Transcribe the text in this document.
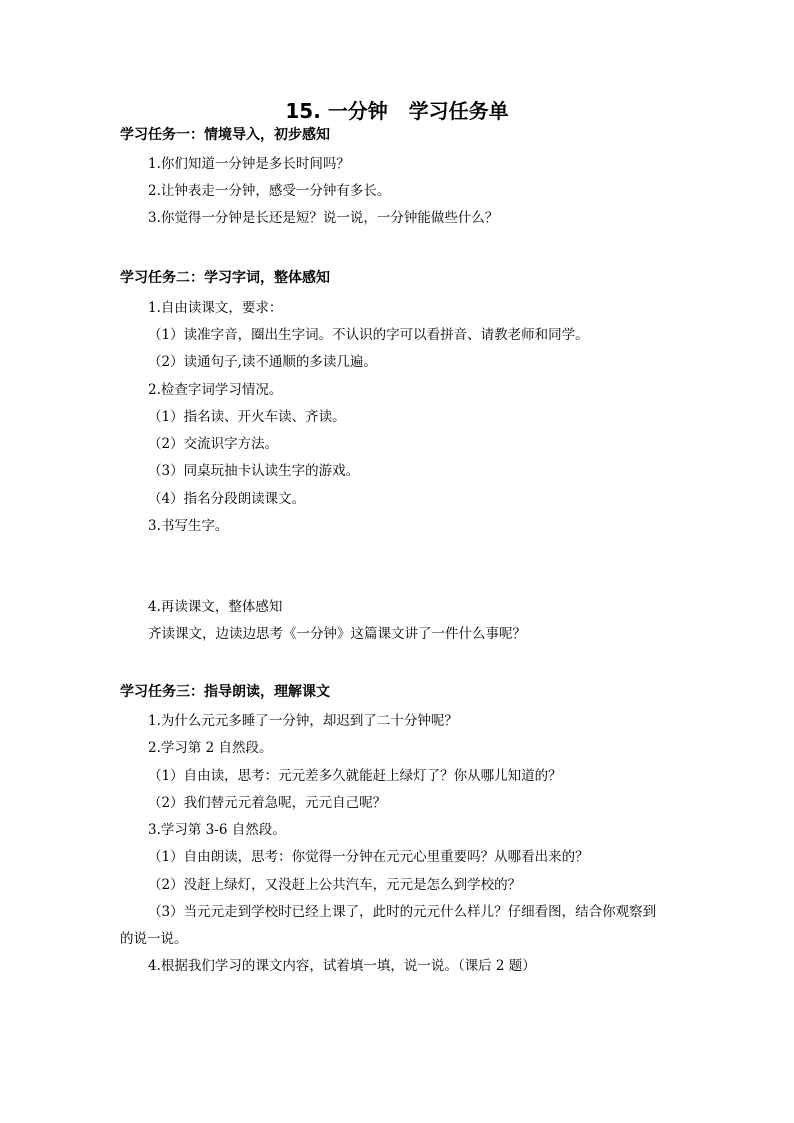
15. 一分钟   学习任务单
学习任务一：情境导入，初步感知
1.你们知道一分钟是多长时间吗？
2.让钟表走一分钟，感受一分钟有多长。
3.你觉得一分钟是长还是短？说一说，一分钟能做些什么？
学习任务二：学习字词，整体感知
1.自由读课文，要求：
（1）读准字音，圈出生字词。不认识的字可以看拼音、请教老师和同学。
（2）读通句子,读不通顺的多读几遍。
2.检查字词学习情况。
（1）指名读、开火车读、齐读。
（2）交流识字方法。
（3）同桌玩抽卡认读生字的游戏。
（4）指名分段朗读课文。
3.书写生字。
4.再读课文，整体感知
齐读课文，边读边思考《一分钟》这篇课文讲了一件什么事呢？
学习任务三：指导朗读，理解课文
1.为什么元元多睡了一分钟，却迟到了二十分钟呢？
2.学习第 2 自然段。
（1）自由读，思考：元元差多久就能赶上绿灯了？你从哪儿知道的？
（2）我们替元元着急呢，元元自己呢？
3.学习第 3-6 自然段。
（1）自由朗读，思考：你觉得一分钟在元元心里重要吗？从哪看出来的？
（2）没赶上绿灯，又没赶上公共汽车，元元是怎么到学校的？
（3）当元元走到学校时已经上课了，此时的元元什么样儿？仔细看图，结合你观察到
的说一说。
4.根据我们学习的课文内容，试着填一填，说一说。（课后 2 题）
